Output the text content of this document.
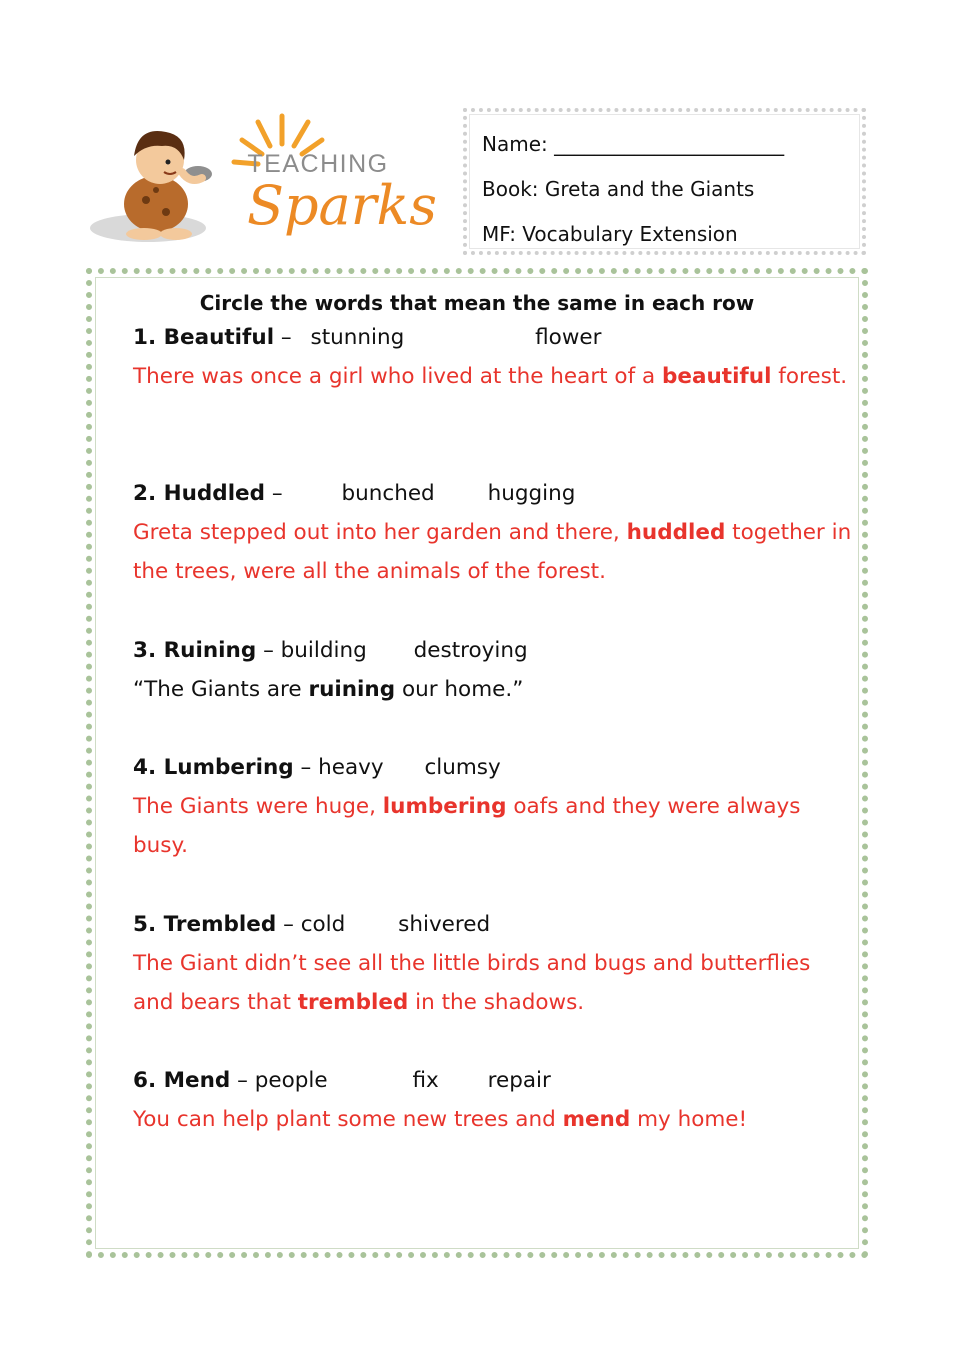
TEACHING
Sparks
Name: _______________________
Book: Greta and the Giants
MF: Vocabulary Extension
Circle the words that mean the same in each row
1. Beautiful – stunning	flower
There was once a girl who lived at the heart of a beautiful forest.
2. Huddled –	bunched hugging
Greta stepped out into her garden and there, huddled together in the trees, were all the animals of the forest.
3. Ruining – building destroying
“The Giants are ruining our home.”
4. Lumbering – heavy clumsy
The Giants were huge, lumbering oafs and they were always busy.
5. Trembled – cold shivered
The Giant didn’t see all the little birds and bugs and butterflies and bears that trembled in the shadows.
6. Mend – people	fix repair
You can help plant some new trees and mend my home!
